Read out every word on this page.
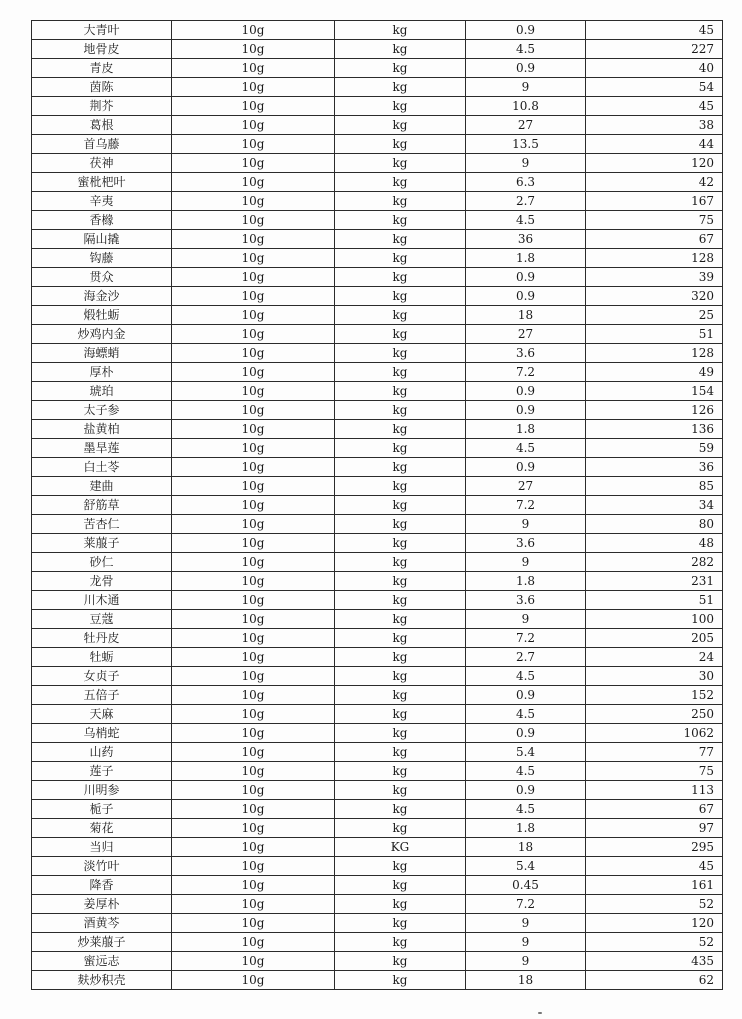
大青叶	10g	kg	0.9	45
地骨皮	10g	kg	4.5	227
青皮	10g	kg	0.9	40
茵陈	10g	kg	9	54
荆芥	10g	kg	10.8	45
葛根	10g	kg	27	38
首乌藤	10g	kg	13.5	44
茯神	10g	kg	9	120
蜜枇杷叶	10g	kg	6.3	42
辛夷	10g	kg	2.7	167
香橼	10g	kg	4.5	75
隔山撬	10g	kg	36	67
钩藤	10g	kg	1.8	128
贯众	10g	kg	0.9	39
海金沙	10g	kg	0.9	320
煅牡蛎	10g	kg	18	25
炒鸡内金	10g	kg	27	51
海螵蛸	10g	kg	3.6	128
厚朴	10g	kg	7.2	49
琥珀	10g	kg	0.9	154
太子参	10g	kg	0.9	126
盐黄柏	10g	kg	1.8	136
墨旱莲	10g	kg	4.5	59
白土苓	10g	kg	0.9	36
建曲	10g	kg	27	85
舒筋草	10g	kg	7.2	34
苦杏仁	10g	kg	9	80
莱菔子	10g	kg	3.6	48
砂仁	10g	kg	9	282
龙骨	10g	kg	1.8	231
川木通	10g	kg	3.6	51
豆蔻	10g	kg	9	100
牡丹皮	10g	kg	7.2	205
牡蛎	10g	kg	2.7	24
女贞子	10g	kg	4.5	30
五倍子	10g	kg	0.9	152
天麻	10g	kg	4.5	250
乌梢蛇	10g	kg	0.9	1062
山药	10g	kg	5.4	77
莲子	10g	kg	4.5	75
川明参	10g	kg	0.9	113
栀子	10g	kg	4.5	67
菊花	10g	kg	1.8	97
当归	10g	KG	18	295
淡竹叶	10g	kg	5.4	45
降香	10g	kg	0.45	161
姜厚朴	10g	kg	7.2	52
酒黄芩	10g	kg	9	120
炒莱菔子	10g	kg	9	52
蜜远志	10g	kg	9	435
麸炒积壳	10g	kg	18	62
